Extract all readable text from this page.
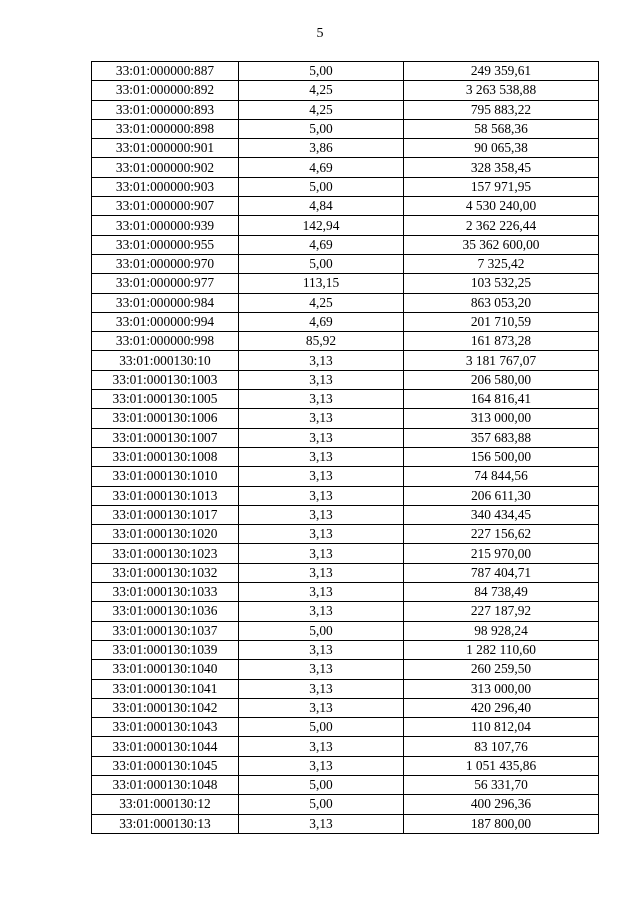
5
33:01:000000:887	5,00	249 359,61
33:01:000000:892	4,25	3 263 538,88
33:01:000000:893	4,25	795 883,22
33:01:000000:898	5,00	58 568,36
33:01:000000:901	3,86	90 065,38
33:01:000000:902	4,69	328 358,45
33:01:000000:903	5,00	157 971,95
33:01:000000:907	4,84	4 530 240,00
33:01:000000:939	142,94	2 362 226,44
33:01:000000:955	4,69	35 362 600,00
33:01:000000:970	5,00	7 325,42
33:01:000000:977	113,15	103 532,25
33:01:000000:984	4,25	863 053,20
33:01:000000:994	4,69	201 710,59
33:01:000000:998	85,92	161 873,28
33:01:000130:10	3,13	3 181 767,07
33:01:000130:1003	3,13	206 580,00
33:01:000130:1005	3,13	164 816,41
33:01:000130:1006	3,13	313 000,00
33:01:000130:1007	3,13	357 683,88
33:01:000130:1008	3,13	156 500,00
33:01:000130:1010	3,13	74 844,56
33:01:000130:1013	3,13	206 611,30
33:01:000130:1017	3,13	340 434,45
33:01:000130:1020	3,13	227 156,62
33:01:000130:1023	3,13	215 970,00
33:01:000130:1032	3,13	787 404,71
33:01:000130:1033	3,13	84 738,49
33:01:000130:1036	3,13	227 187,92
33:01:000130:1037	5,00	98 928,24
33:01:000130:1039	3,13	1 282 110,60
33:01:000130:1040	3,13	260 259,50
33:01:000130:1041	3,13	313 000,00
33:01:000130:1042	3,13	420 296,40
33:01:000130:1043	5,00	110 812,04
33:01:000130:1044	3,13	83 107,76
33:01:000130:1045	3,13	1 051 435,86
33:01:000130:1048	5,00	56 331,70
33:01:000130:12	5,00	400 296,36
33:01:000130:13	3,13	187 800,00
